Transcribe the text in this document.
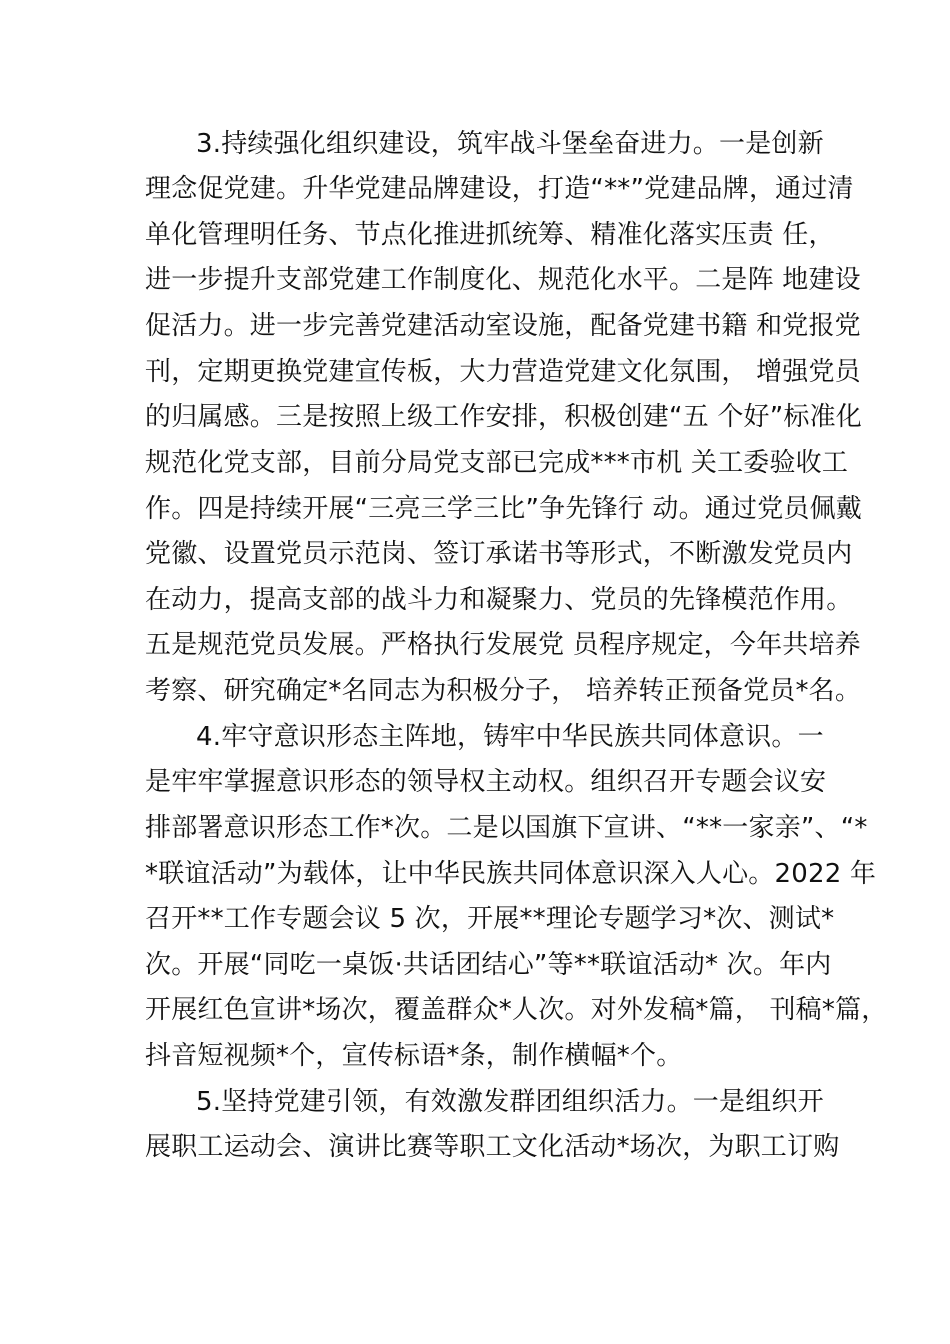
3.持续强化组织建设，筑牢战斗堡垒奋进力。一是创新
理念促党建。升华党建品牌建设，打造“**”党建品牌，通过清
单化管理明任务、节点化推进抓统筹、精准化落实压责 任，
进一步提升支部党建工作制度化、规范化水平。二是阵 地建设
促活力。进一步完善党建活动室设施，配备党建书籍 和党报党
刊，定期更换党建宣传板，大力营造党建文化氛围， 增强党员
的归属感。三是按照上级工作安排，积极创建“五 个好”标准化
规范化党支部，目前分局党支部已完成***市机 关工委验收工
作。四是持续开展“三亮三学三比”争先锋行 动。通过党员佩戴
党徽、设置党员示范岗、签订承诺书等形式，不断激发党员内
在动力，提高支部的战斗力和凝聚力、党员的先锋模范作用。
五是规范党员发展。严格执行发展党 员程序规定，今年共培养
考察、研究确定*名同志为积极分子， 培养转正预备党员*名。
4.牢守意识形态主阵地，铸牢中华民族共同体意识。一
是牢牢掌握意识形态的领导权主动权。组织召开专题会议安
排部署意识形态工作*次。二是以国旗下宣讲、“**一家亲”、“*
*联谊活动”为载体，让中华民族共同体意识深入人心。2022 年
召开**工作专题会议 5 次，开展**理论专题学习*次、测试*
次。开展“同吃一桌饭·共话团结心”等**联谊活动* 次。年内
开展红色宣讲*场次，覆盖群众*人次。对外发稿*篇， 刊稿*篇，
抖音短视频*个，宣传标语*条，制作横幅*个。
5.坚持党建引领，有效激发群团组织活力。一是组织开
展职工运动会、演讲比赛等职工文化活动*场次，为职工订购
